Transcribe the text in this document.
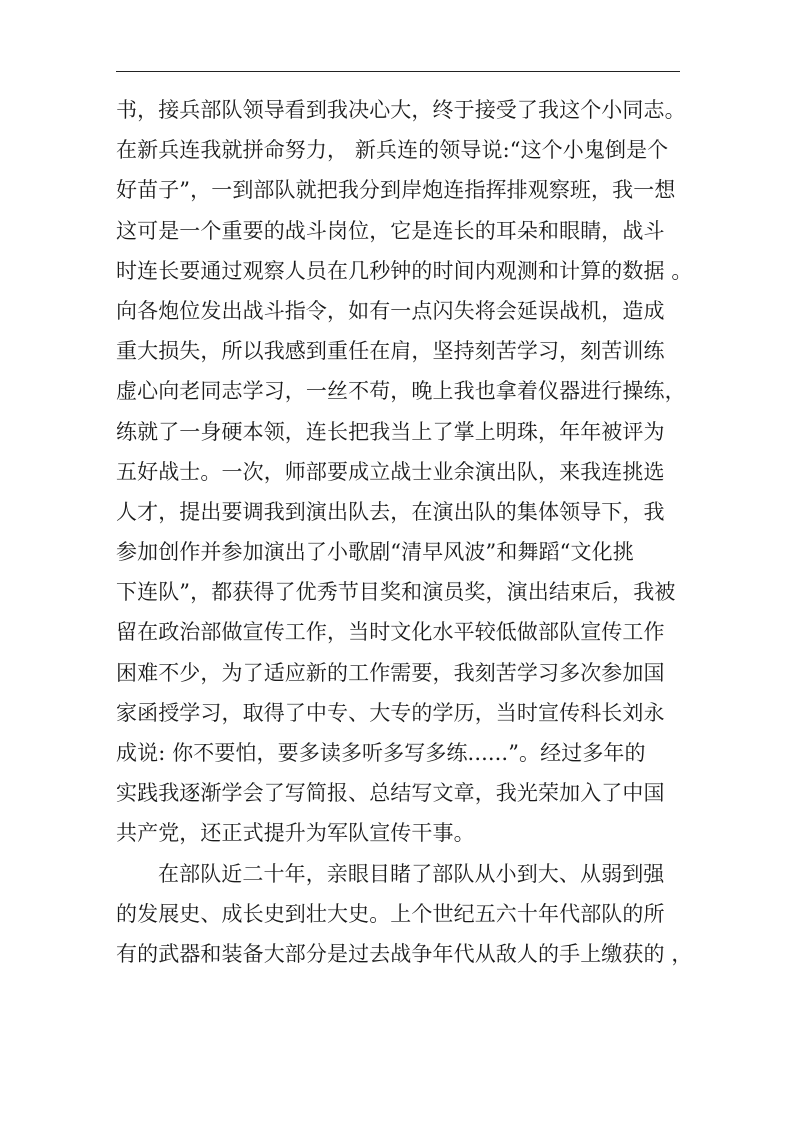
书，接兵部队领导看到我决心大，终于接受了我这个小同志。
在新兵连我就拼命努力， 新兵连的领导说:“这个小鬼倒是个
好苗子”，一到部队就把我分到岸炮连指挥排观察班，我一想
这可是一个重要的战斗岗位，它是连长的耳朵和眼睛，战斗
时连长要通过观察人员在几秒钟的时间内观测和计算的数据 。
向各炮位发出战斗指令，如有一点闪失将会延误战机，造成
重大损失，所以我感到重任在肩，坚持刻苦学习，刻苦训练
虚心向老同志学习，一丝不苟，晚上我也拿着仪器进行操练，
练就了一身硬本领，连长把我当上了掌上明珠，年年被评为
五好战士。一次，师部要成立战士业余演出队，来我连挑选
人才，提出要调我到演出队去，在演出队的集体领导下，我
参加创作并参加演出了小歌剧“清早风波”和舞蹈“文化挑
下连队”，都获得了优秀节目奖和演员奖，演出结束后，我被
留在政治部做宣传工作，当时文化水平较低做部队宣传工作
困难不少，为了适应新的工作需要，我刻苦学习多次参加国
家函授学习，取得了中专、大专的学历，当时宣传科长刘永
成说: 你不要怕，要多读多听多写多练......”。经过多年的
实践我逐渐学会了写简报、总结写文章，我光荣加入了中国
共产党，还正式提升为军队宣传干事。
在部队近二十年，亲眼目睹了部队从小到大、从弱到强
的发展史、成长史到壮大史。上个世纪五六十年代部队的所
有的武器和装备大部分是过去战争年代从敌人的手上缴获的 ，
